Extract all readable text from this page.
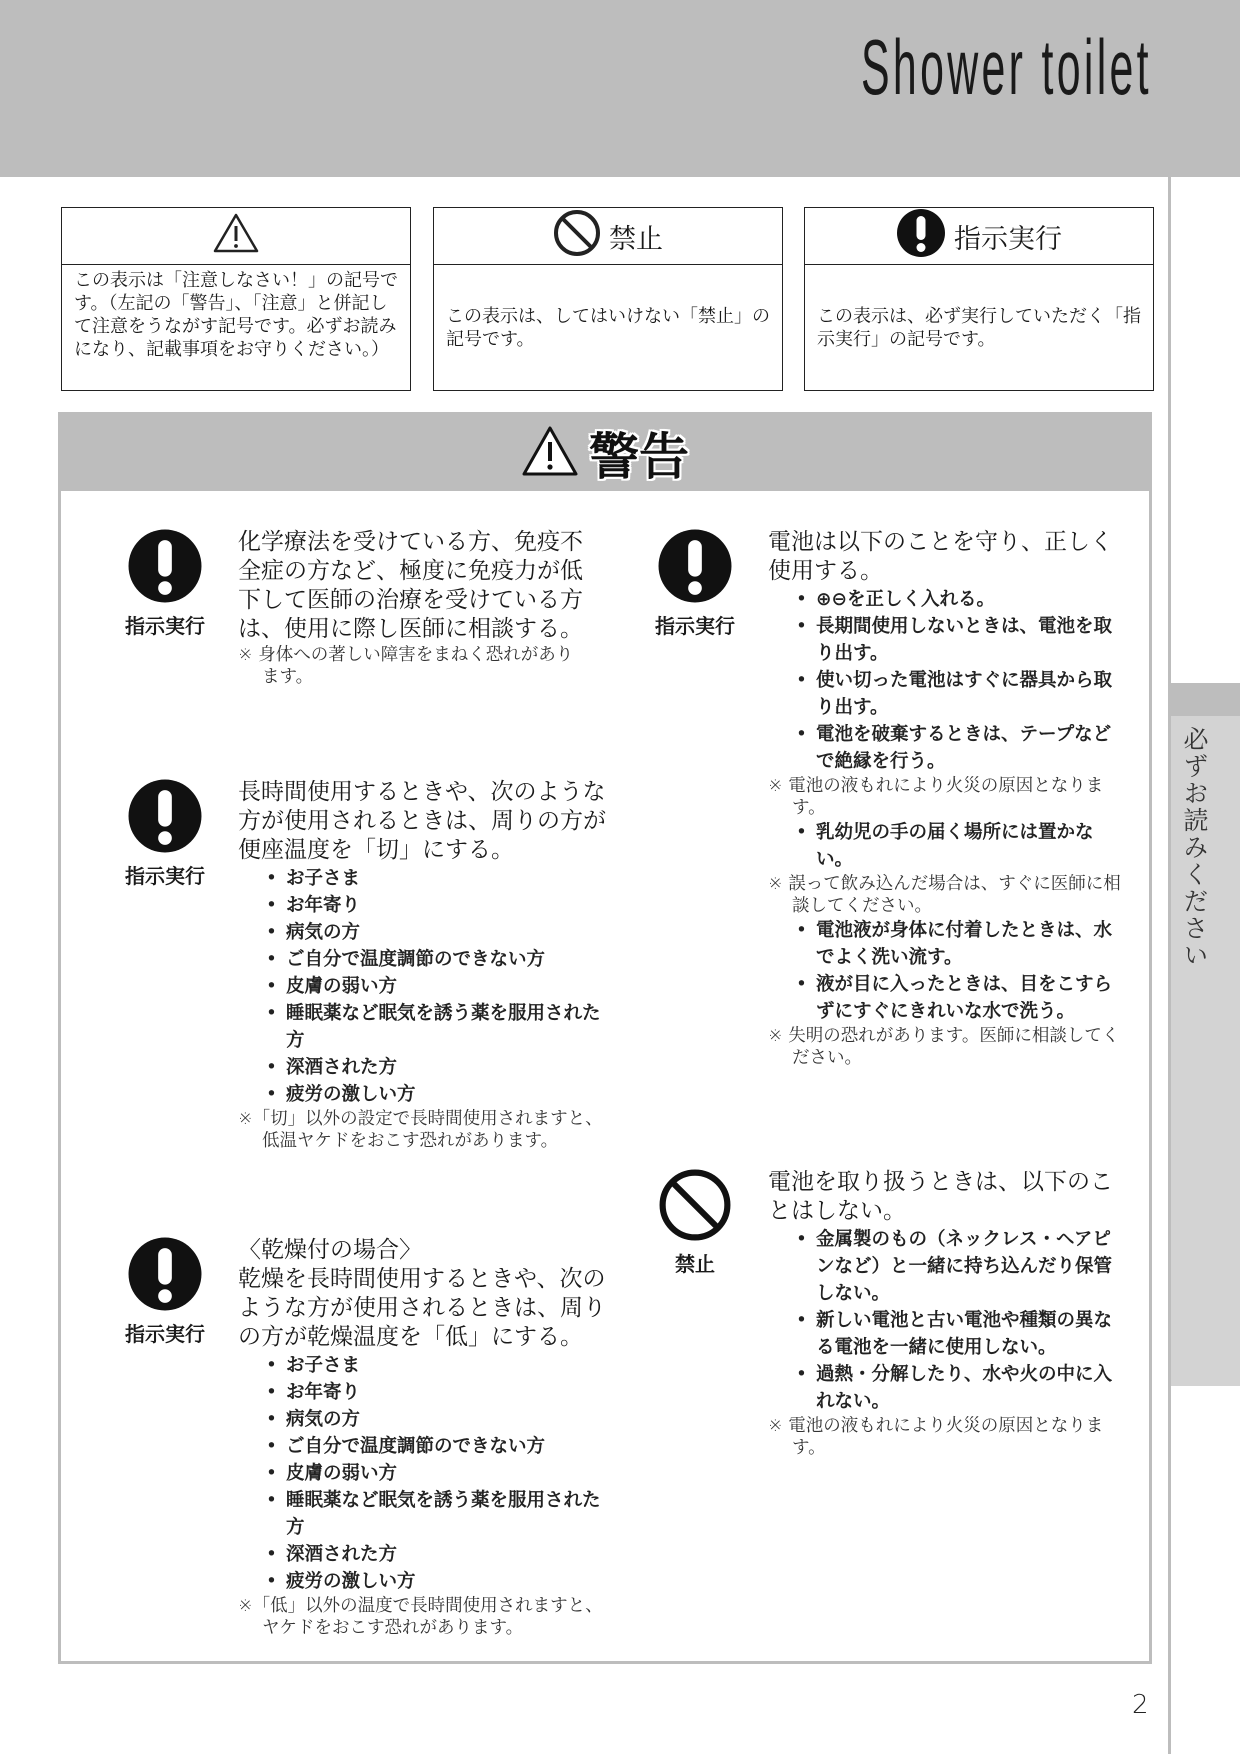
Shower toilet
必ずお読みください
この表示は「注意しなさい！」の記号です。（左記の「警告」、「注意」と併記して注意をうながす記号です。必ずお読みになり、記載事項をお守りください。）
禁止
この表示は、してはいけない「禁止」の記号です。
指示実行
この表示は、必ず実行していただく「指示実行」の記号です。
警告
指示実行
化学療法を受けている方、免疫不全症の方など、極度に免疫力が低下して医師の治療を受けている方は、使用に際し医師に相談する。
※ 身体への著しい障害をまねく恐れがあります。
指示実行
長時間使用するときや、次のような方が使用されるときは、周りの方が便座温度を「切」にする。
• お子さま
• お年寄り
• 病気の方
• ご自分で温度調節のできない方
• 皮膚の弱い方
• 睡眠薬など眠気を誘う薬を服用された方
• 深酒された方
• 疲労の激しい方
※「切」以外の設定で長時間使用されますと、低温ヤケドをおこす恐れがあります。
指示実行
〈乾燥付の場合〉
乾燥を長時間使用するときや、次のような方が使用されるときは、周りの方が乾燥温度を「低」にする。
• お子さま
• お年寄り
• 病気の方
• ご自分で温度調節のできない方
• 皮膚の弱い方
• 睡眠薬など眠気を誘う薬を服用された方
• 深酒された方
• 疲労の激しい方
※「低」以外の温度で長時間使用されますと、ヤケドをおこす恐れがあります。
指示実行
電池は以下のことを守り、正しく使用する。
• ⊕⊖を正しく入れる。
• 長期間使用しないときは、電池を取り出す。
• 使い切った電池はすぐに器具から取り出す。
• 電池を破棄するときは、テープなどで絶縁を行う。
※ 電池の液もれにより火災の原因となります。
• 乳幼児の手の届く場所には置かない。
※ 誤って飲み込んだ場合は、すぐに医師に相談してください。
• 電池液が身体に付着したときは、水でよく洗い流す。
• 液が目に入ったときは、目をこすらずにすぐにきれいな水で洗う。
※ 失明の恐れがあります。医師に相談してください。
禁止
電池を取り扱うときは、以下のことはしない。
• 金属製のもの（ネックレス・ヘアピンなど）と一緒に持ち込んだり保管しない。
• 新しい電池と古い電池や種類の異なる電池を一緒に使用しない。
• 過熱・分解したり、水や火の中に入れない。
※ 電池の液もれにより火災の原因となります。
2
